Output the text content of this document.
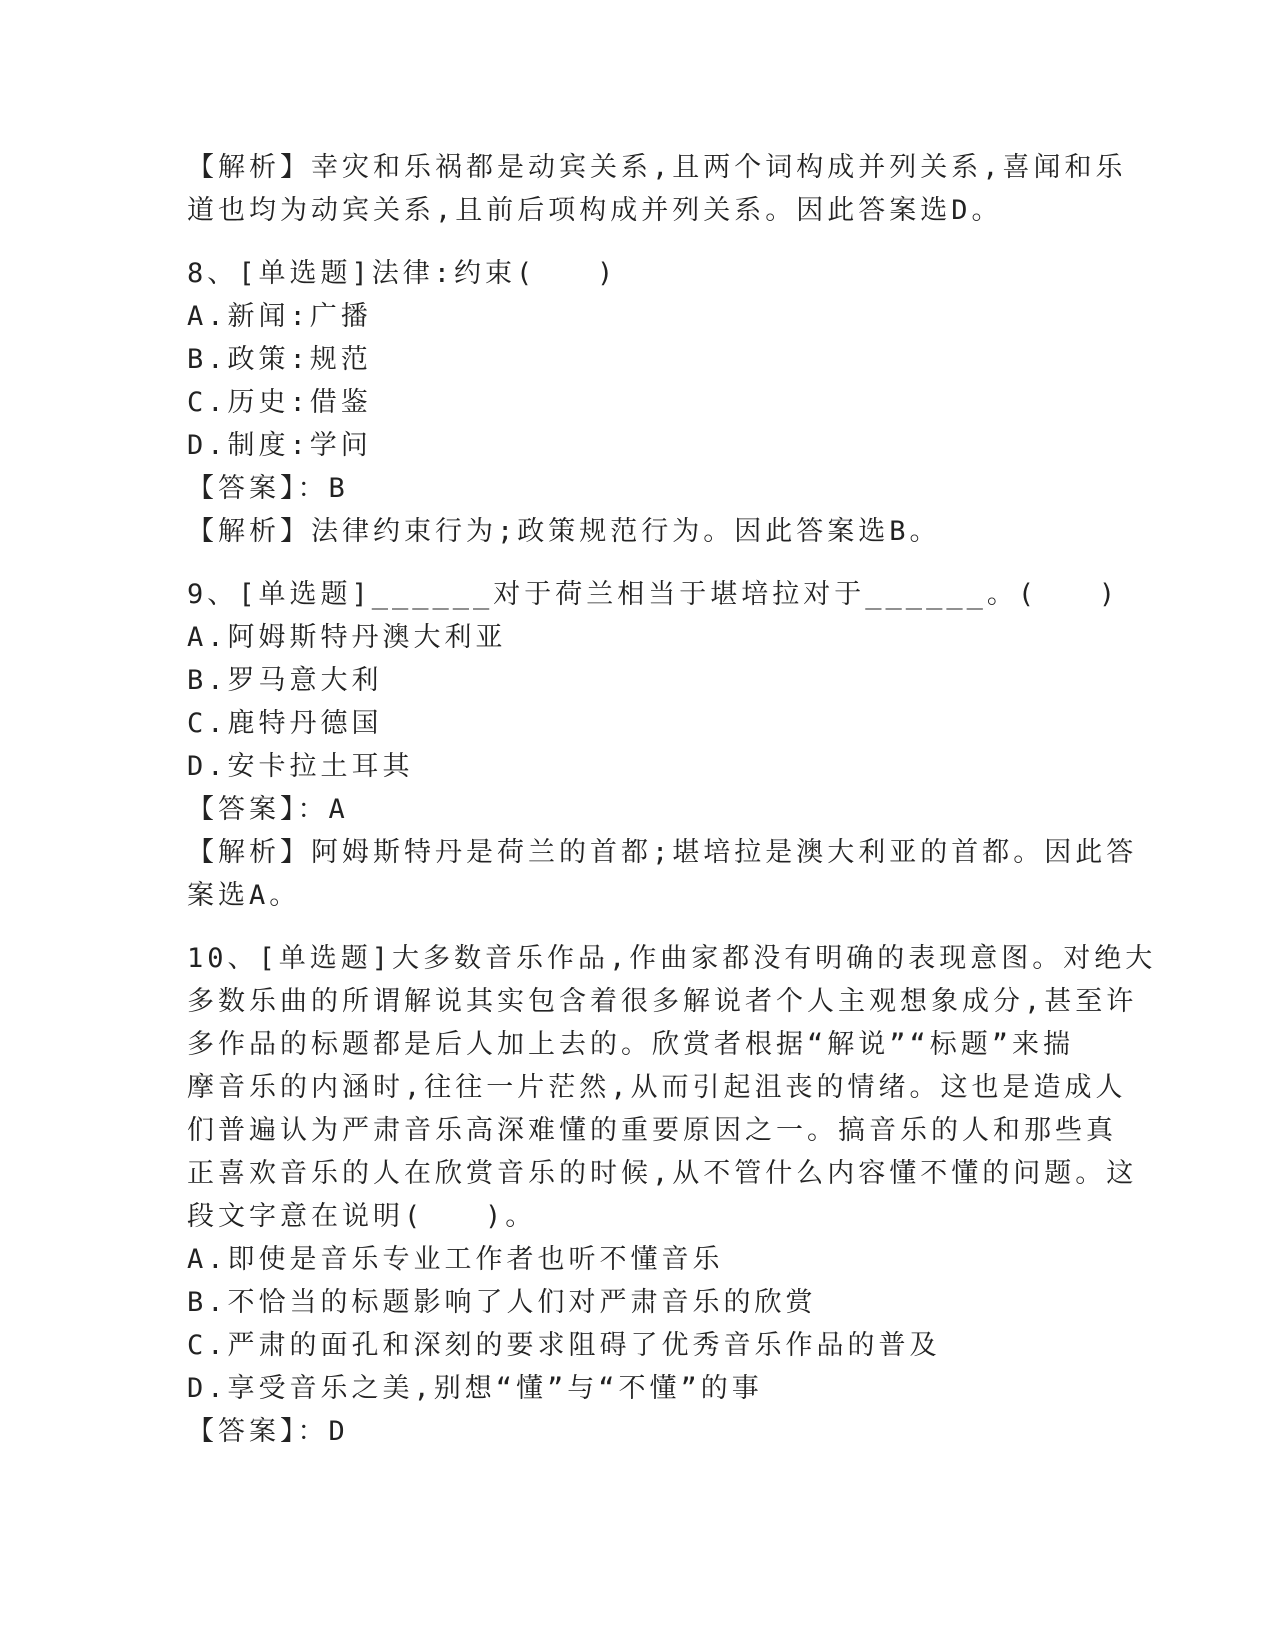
【解析】幸灾和乐祸都是动宾关系,且两个词构成并列关系,喜闻和乐
道也均为动宾关系,且前后项构成并列关系。因此答案选D。
8、[单选题]法律:约束(   )
A.新闻:广播
B.政策:规范
C.历史:借鉴
D.制度:学问
【答案】：B
【解析】法律约束行为;政策规范行为。因此答案选B。
9、[单选题]______对于荷兰相当于堪培拉对于______。(   )
A.阿姆斯特丹澳大利亚
B.罗马意大利
C.鹿特丹德国
D.安卡拉土耳其
【答案】：A
【解析】阿姆斯特丹是荷兰的首都;堪培拉是澳大利亚的首都。因此答
案选A。
10、[单选题]大多数音乐作品,作曲家都没有明确的表现意图。对绝大
多数乐曲的所谓解说其实包含着很多解说者个人主观想象成分,甚至许
多作品的标题都是后人加上去的。欣赏者根据“解说”“标题”来揣
摩音乐的内涵时,往往一片茫然,从而引起沮丧的情绪。这也是造成人
们普遍认为严肃音乐高深难懂的重要原因之一。搞音乐的人和那些真
正喜欢音乐的人在欣赏音乐的时候,从不管什么内容懂不懂的问题。这
段文字意在说明(   )。
A.即使是音乐专业工作者也听不懂音乐
B.不恰当的标题影响了人们对严肃音乐的欣赏
C.严肃的面孔和深刻的要求阻碍了优秀音乐作品的普及
D.享受音乐之美,别想“懂”与“不懂”的事
【答案】：D
